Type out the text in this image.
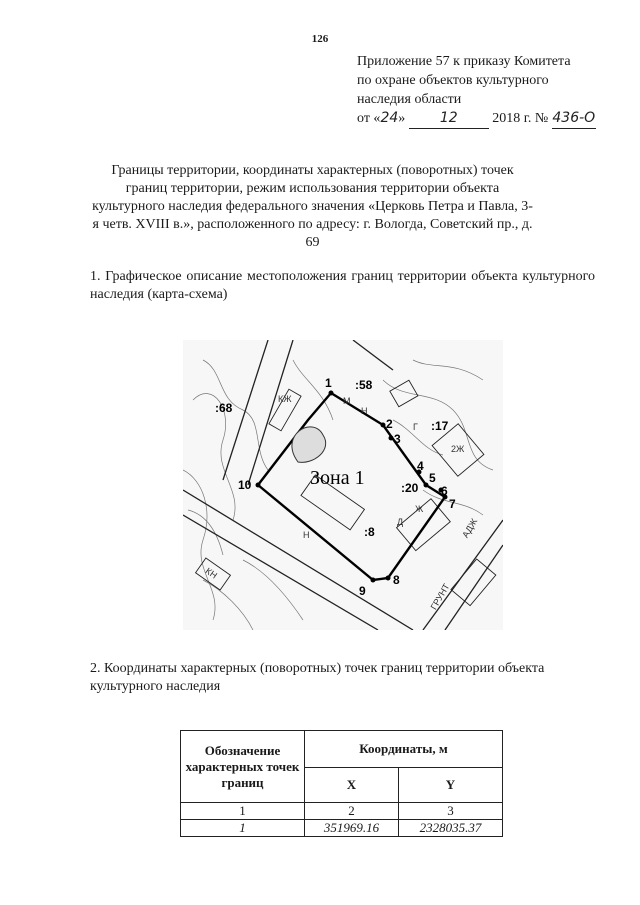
126
Приложение 57 к приказу Комитета
по охране объектов культурного
наследия области
от «24» 12 2018 г. № 436-О
Границы территории, координаты характерных (поворотных) точек границ территории, режим использования территории объекта культурного наследия федерального значения «Церковь Петра и Павла, 3-я четв. XVIII в.», расположенного по адресу: г. Вологда, Советский пр., д. 69
1. Графическое описание местоположения границ территории объекта культурного наследия (карта-схема)
1
2
3
4
5
6
7
8
9
10
:58
:68
:17
:20
:8
Зона 1
Г
М
Н
Д
Ж
Н
КЖ
ГРУНТ
АДЖ
2Ж
КН
2. Координаты характерных (поворотных) точек границ территории объекта культурного наследия
Обозначение характерных точек границ	Координаты, м	
	X	Y
1	2	3
1	351969.16	2328035.37
